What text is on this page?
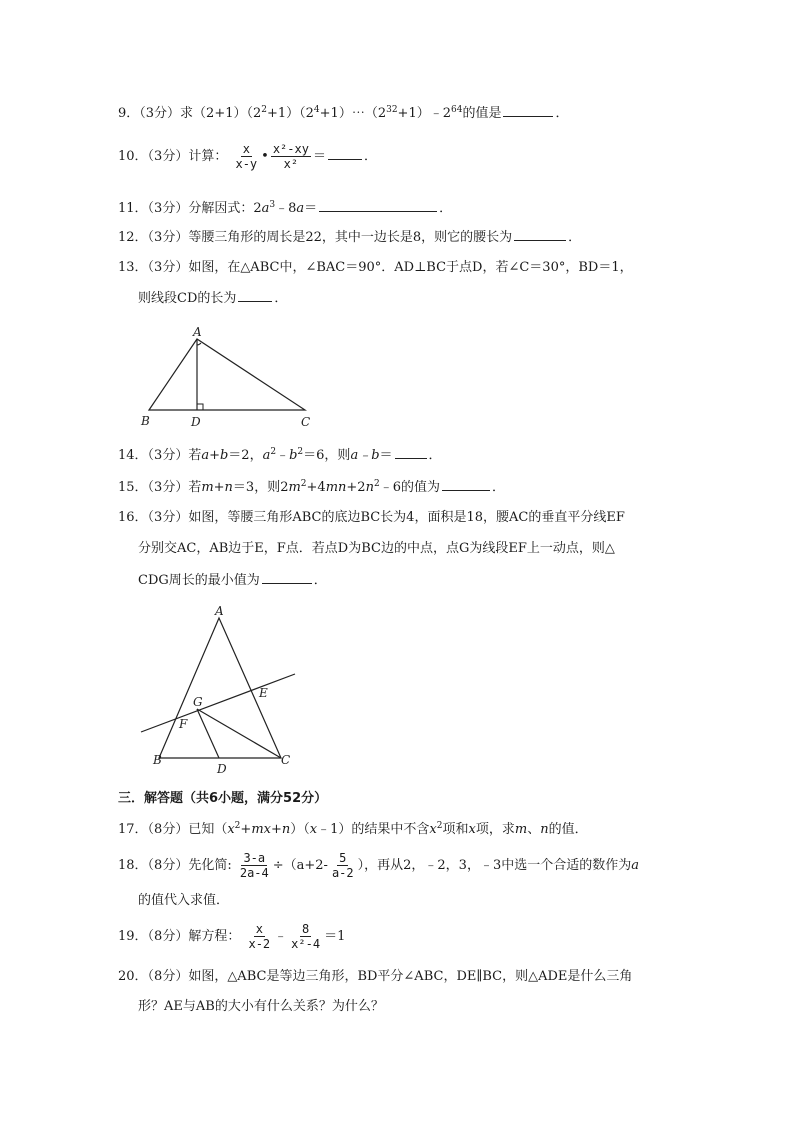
9．（3分）求$(2+1)(2^2+1)(2^4+1)\cdots(2^{32}+1)﹣2^{64}$的值是	．
10．（3分）计算： $\frac{x}{x-y}$ • $\frac{\text{x²-xy}}{\text{x²}}$ ＝	．
11．（3分）分解因式：$2a^3﹣8a=$	．
12．（3分）等腰三角形的周长是22，其中一边长是8，则它的腰长为	．
13．（3分）如图，在△ABC中，∠BAC＝90°．AD⊥BC于点D，若∠C＝30°，BD＝1，
则线段CD的长为	．
A
B	D	C
14．（3分）若a+b＝2，$a^2﹣b^2=6$，则a﹣b＝	．
15．（3分）若m+n＝3，则$2m^2+4mn+2n^2﹣6$的值为	．
16．（3分）如图，等腰三角形ABC的底边BC长为4，面积是18，腰AC的垂直平分线EF
分别交AC，AB边于E，F点．若点D为BC边的中点，点G为线段EF上一动点，则△
CDG周长的最小值为	．
A
E
G
F
B
D
C
三．解答题（共6小题，满分52分）
17．（8分）已知$(x^2+mx+n)(x﹣1)$的结果中不含$x^2$项和x项，求m、n的值．
18．（8分）先化简: $\frac{3-a}{2a-4} \div(a+2- \frac{5}{a-2}$ ），再从2，﹣2，3，﹣3中选一个合适的数作为a
的值代入求值．
19．（8分）解方程： $\frac{x}{x-2}$ ﹣ $\frac{8}{\text{x²-4}} =1$
20．（8分）如图，△ABC是等边三角形，BD平分∠ABC，DE∥BC，则△ADE是什么三角
形？AE与AB的大小有什么关系？为什么？
